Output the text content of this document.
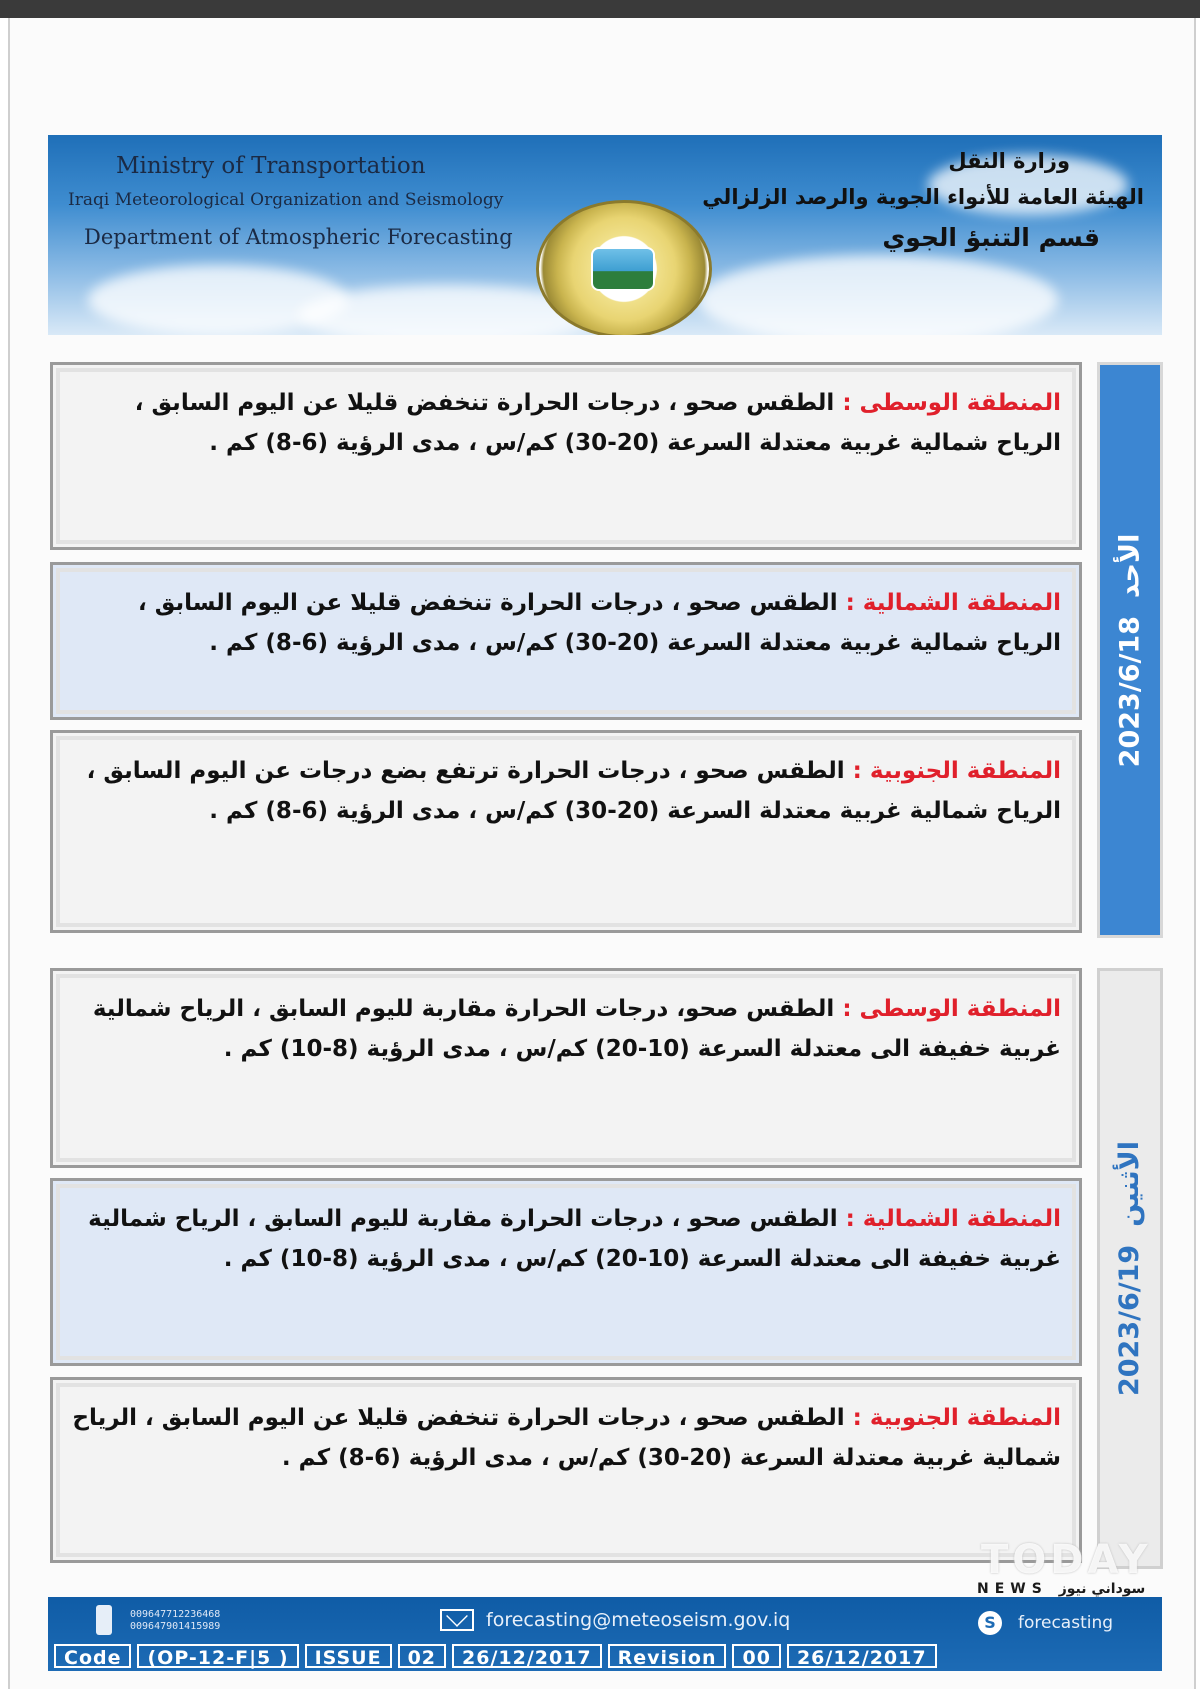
Ministry of Transportation
Iraqi Meteorological Organization and Seismology
Department of Atmospheric Forecasting
وزارة النقل
الهيئة العامة للأنواء الجوية والرصد الزلزالي
قسم التنبؤ الجوي
2023/6/18الأحد
المنطقة الوسطى : الطقس صحو ، درجات الحرارة تنخفض قليلا عن اليوم السابق ، الرياح شمالية غربية معتدلة السرعة (20-30) كم/س ، مدى الرؤية (6-8) كم .
المنطقة الشمالية : الطقس صحو ، درجات الحرارة تنخفض قليلا عن اليوم السابق ، الرياح شمالية غربية معتدلة السرعة (20-30) كم/س ، مدى الرؤية (6-8) كم .
المنطقة الجنوبية : الطقس صحو ، درجات الحرارة ترتفع بضع درجات عن اليوم السابق ، الرياح شمالية غربية معتدلة السرعة (20-30) كم/س ، مدى الرؤية (6-8) كم .
2023/6/19الأثنين
المنطقة الوسطى : الطقس صحو، درجات الحرارة مقاربة لليوم السابق ، الرياح شمالية غربية خفيفة الى معتدلة السرعة (10-20) كم/س ، مدى الرؤية (8-10) كم .
المنطقة الشمالية : الطقس صحو ، درجات الحرارة مقاربة لليوم السابق ، الرياح شمالية غربية خفيفة الى معتدلة السرعة (10-20) كم/س ، مدى الرؤية (8-10) كم .
المنطقة الجنوبية : الطقس صحو ، درجات الحرارة تنخفض قليلا عن اليوم السابق ، الرياح شمالية غربية معتدلة السرعة (20-30) كم/س ، مدى الرؤية (6-8) كم .
TODAY
NEWS سوداني نيوز
009647712236468
009647901415989	forecasting@meteoseism.gov.iq	S	forecasting
Code	(OP-12-F|5 )	ISSUE	02	26/12/2017	Revision	00	26/12/2017
